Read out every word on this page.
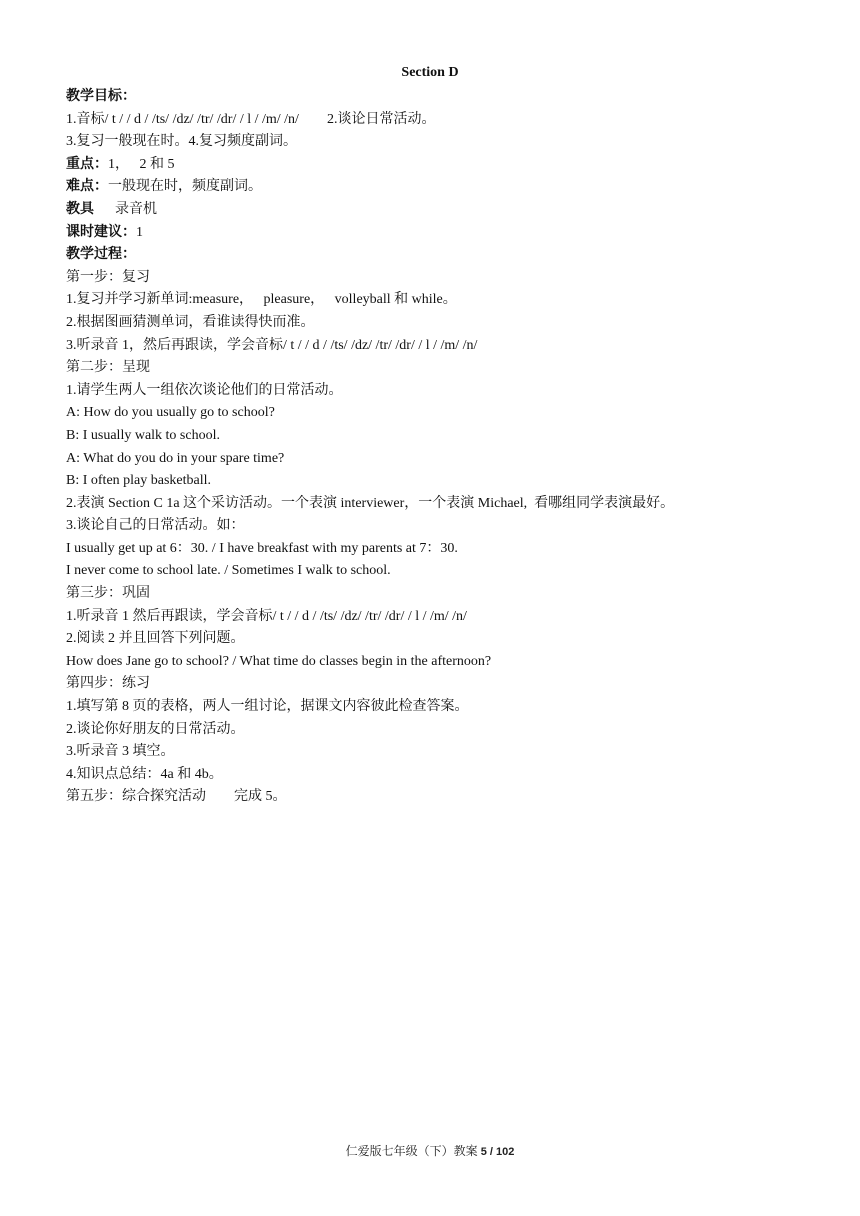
Section D
教学目标：
1.音标/ t / / d / /ts/ /dz/ /tr/ /dr/ / l / /m/ /n/        2.谈论日常活动。
3.复习一般现在时。4.复习频度副词。
重点：1，   2 和 5
难点：一般现在时，频度副词。
教具      录音机
课时建议：1
教学过程：
第一步：复习
1.复习并学习新单词:measure，   pleasure，   volleyball 和 while。
2.根据图画猜测单词，看谁读得快而准。
3.听录音 1，然后再跟读，学会音标/ t / / d / /ts/ /dz/ /tr/ /dr/ / l / /m/ /n/
第二步：呈现
1.请学生两人一组依次谈论他们的日常活动。
A: How do you usually go to school?
B: I usually walk to school.
A: What do you do in your spare time?
B: I often play basketball.
2.表演 Section C 1a 这个采访活动。一个表演 interviewer，一个表演 Michael,  看哪组同学表演最好。
3.谈论自己的日常活动。如：
I usually get up at 6：30. / I have breakfast with my parents at 7：30.
I never come to school late. / Sometimes I walk to school.
第三步：巩固
1.听录音 1 然后再跟读，学会音标/ t / / d / /ts/ /dz/ /tr/ /dr/ / l / /m/ /n/
2.阅读 2 并且回答下列问题。
How does Jane go to school? / What time do classes begin in the afternoon?
第四步：练习
1.填写第 8 页的表格，两人一组讨论，据课文内容彼此检查答案。
2.谈论你好朋友的日常活动。
3.听录音 3 填空。
4.知识点总结：4a 和 4b。
第五步：综合探究活动        完成 5。
仁爱版七年级（下）教案 5 / 102
